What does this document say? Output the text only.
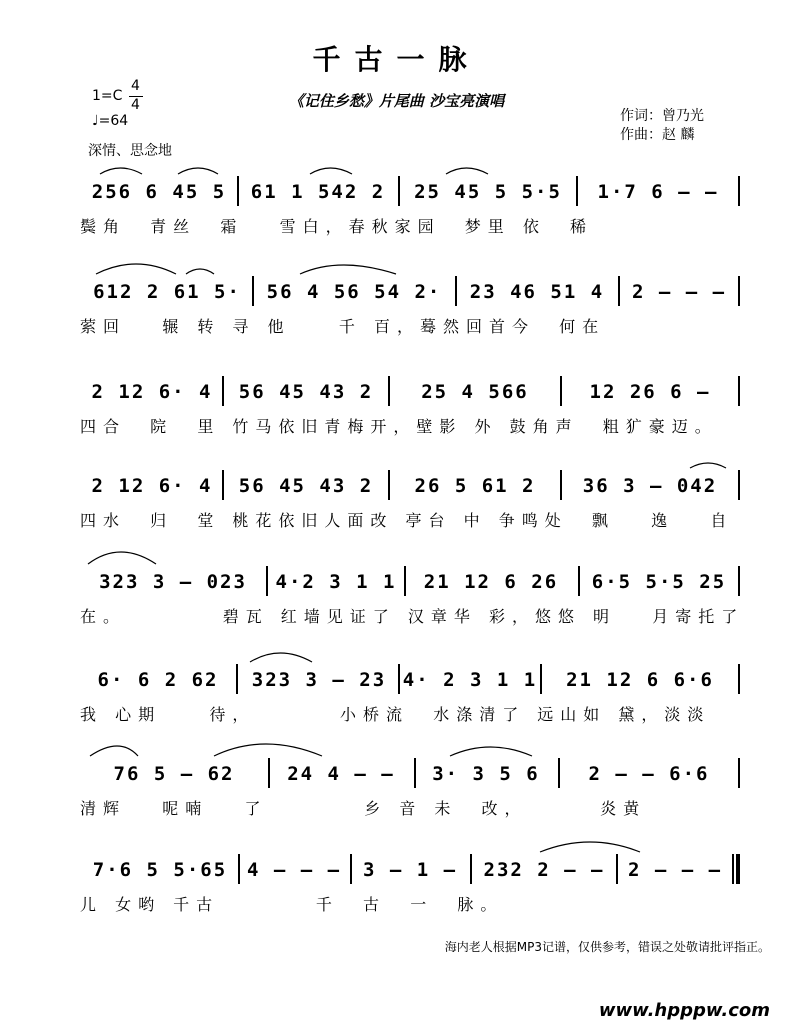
千古一脉
《记住乡愁》片尾曲 沙宝亮演唱
1=C
4
4
♩=64
深情、思念地
作词：曾乃光
作曲：赵 麟
256 6 45 5	61 1 542 2	25 45 5 5·5	1·7 6 – –
鬓角  青丝  霜   雪白，春秋家园  梦里 依  稀
612 2 61 5·	56 4 56 54 2·	23 46 51 4	2 – – –
萦回   辗 转 寻 他    千 百，蓦然回首今  何在
2 12 6· 4	56 45 43 2	25 4 566	12 26 6 –
四合  院  里 竹马依旧青梅开，壁影 外 鼓角声  粗犷豪迈。
2 12 6· 4	56 45 43 2	26 5 61 2	36 3 – 042
四水  归  堂 桃花依旧人面改 亭台 中 争鸣处  飘   逸   自
323 3 – 023	4·2 3 1 1	21 12 6 26	6·5 5·5 25
在。        碧瓦 红墙见证了 汉章华 彩，悠悠 明   月寄托了
6· 6 2 62	323 3 – 23 4· 2 3 1 1	21 12 6 6·6
我 心期    待，       小桥流  水涤清了 远山如 黛，淡淡
76 5 – 62	24 4 – –	3· 3 5 6	2 – – 6·6
清辉   呢喃   了        乡 音 未  改，      炎黄
7·6 5 5·65	4 – – –	3 – 1 –	232 2 – –	2 – – –
儿 女哟 千古        千  古  一  脉。
海内老人根据MP3记谱，仅供参考，错误之处敬请批评指正。
www.hpppw.com
